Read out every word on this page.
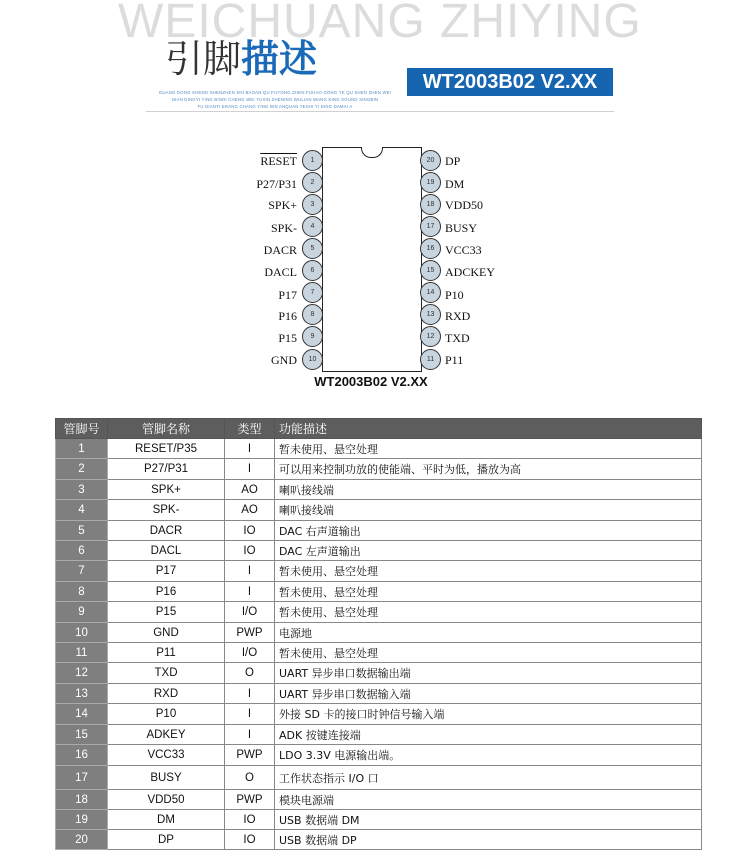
WEICHUANG ZHIYING
引脚描述
WT2003B02 V2.XX
GUANG DONG SHENG SHENZHEN SHI BAOAN QU FUYONG ZHEN FUHAO GONG YE QU SHEN ZHEN WEI
NIAN DINGYI YING BINDI CHENG WEI YUXIN ZHENING WULIAN WANG KING SOUND XINGBIN
FU DIANTI ERANG CHANG YING BIN ANQUAN TESHI YI DING DAMAI A
1
RESET
2
P27/P31
3
SPK+
4
SPK-
5
DACR
6
DACL
7
P17
8
P16
9
P15
10
GND
20 DP
19 DM
18 VDD50
17 BUSY
16 VCC33
15 ADCKEY
14 P10
13 RXD
12 TXD
11 P11
WT2003B02 V2.XX
管脚号	管脚名称	类型	功能描述
1	RESET/P35	I	暂未使用、悬空处理
2	P27/P31	I	可以用来控制功放的使能端、平时为低，播放为高
3	SPK+	AO	喇叭接线端
4	SPK-	AO	喇叭接线端
5	DACR	IO	DAC 右声道输出
6	DACL	IO	DAC 左声道输出
7	P17	I	暂未使用、悬空处理
8	P16	I	暂未使用、悬空处理
9	P15	I/O	暂未使用、悬空处理
10	GND	PWP	电源地
11	P11	I/O	暂未使用、悬空处理
12	TXD	O	UART 异步串口数据输出端
13	RXD	I	UART 异步串口数据输入端
14	P10	I	外接 SD 卡的接口时钟信号输入端
15	ADKEY	I	ADK 按键连接端
16	VCC33	PWP	LDO 3.3V 电源输出端。
17	BUSY	O	工作状态指示 I/O 口
18	VDD50	PWP	模块电源端
19	DM	IO	USB 数据端 DM
20	DP	IO	USB 数据端 DP
